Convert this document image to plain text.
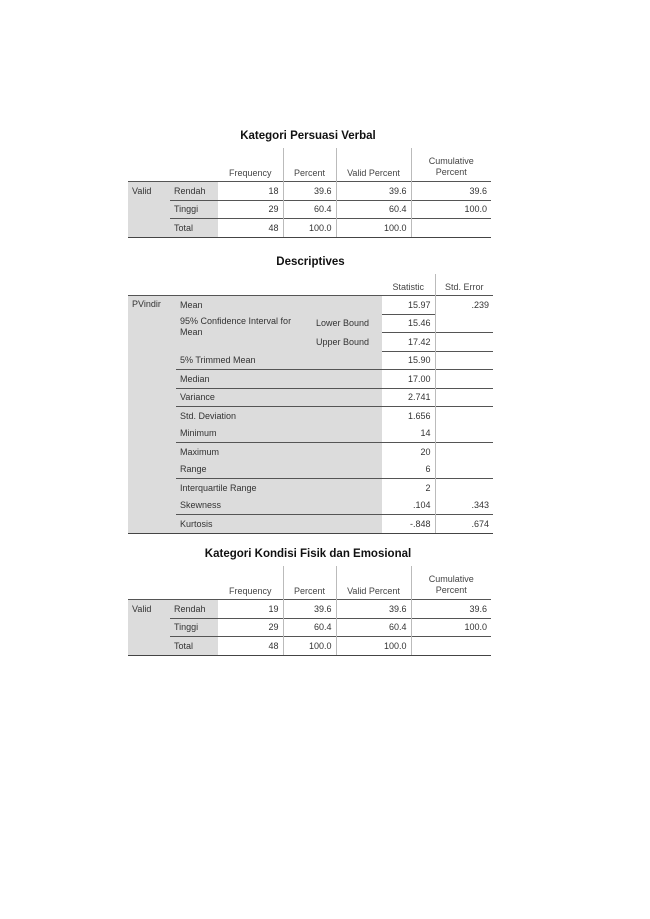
Kategori Persuasi Verbal
		Frequency	Percent	Valid Percent	Cumulative Percent
Valid	Rendah	18	39.6	39.6	39.6
	Tinggi	29	60.4	60.4	100.0
	Total	48	100.0	100.0	
Descriptives
			Statistic	Std. Error
PVindir	Mean		15.97	.239
	95% Confidence Interval for Mean	Lower Bound	15.46	
		Upper Bound	17.42	
	5% Trimmed Mean		15.90	
	Median		17.00	
	Variance		2.741	
	Std. Deviation		1.656	
	Minimum		14	
	Maximum		20	
	Range		6	
	Interquartile Range		2	
	Skewness		.104	.343
	Kurtosis		-.848	.674
Kategori Kondisi Fisik dan Emosional
		Frequency	Percent	Valid Percent	Cumulative Percent
Valid	Rendah	19	39.6	39.6	39.6
	Tinggi	29	60.4	60.4	100.0
	Total	48	100.0	100.0	
